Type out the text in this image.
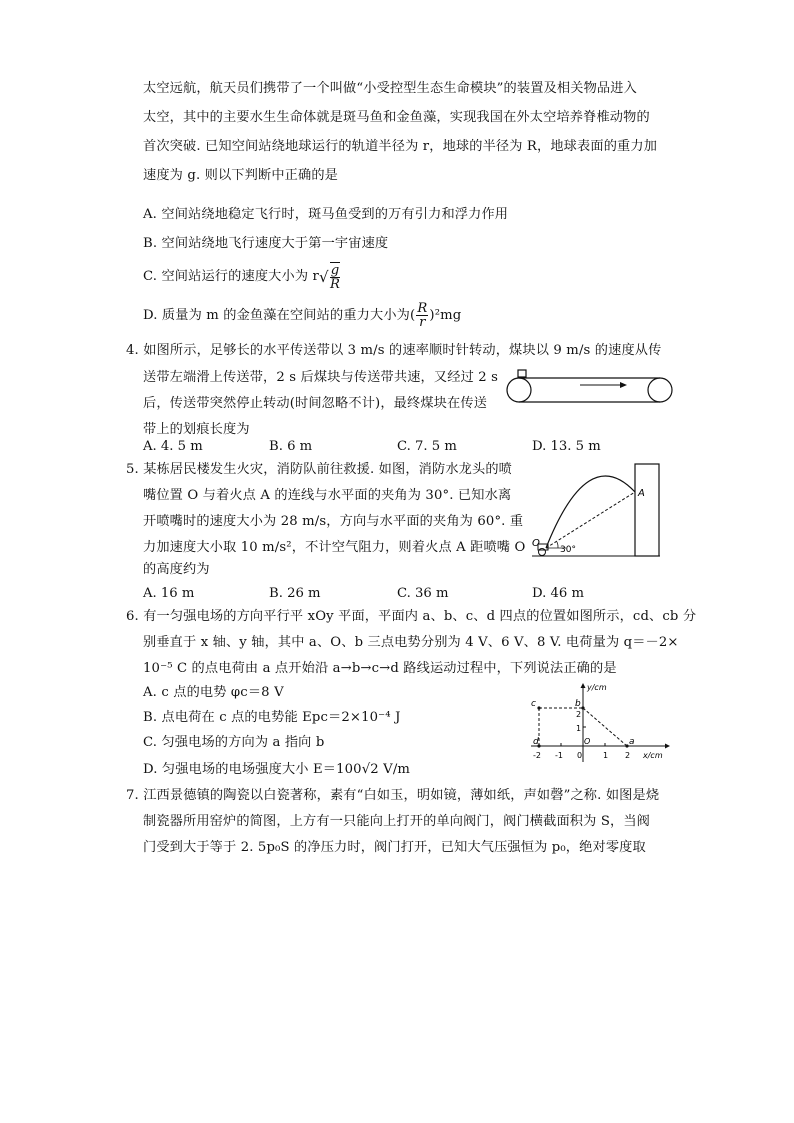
太空远航，航天员们携带了一个叫做“小受控型生态生命模块”的装置及相关物品进入
太空，其中的主要水生生命体就是斑马鱼和金鱼藻，实现我国在外太空培养脊椎动物的
首次突破. 已知空间站绕地球运行的轨道半径为 r，地球的半径为 R，地球表面的重力加
速度为 g. 则以下判断中正确的是
A. 空间站绕地稳定飞行时，斑马鱼受到的万有引力和浮力作用
B. 空间站绕地飞行速度大于第一宇宙速度
C. 空间站运行的速度大小为 $r√ \frac{g}{R}$
D. 质量为 m 的金鱼藻在空间站的重力大小为( $\frac{R}{r} )^2mg$
4. 如图所示，足够长的水平传送带以 3 m/s 的速率顺时针转动，煤块以 9 m/s 的速度从传
送带左端滑上传送带，2 s 后煤块与传送带共速，又经过 2 s
后，传送带突然停止转动(时间忽略不计)，最终煤块在传送
带上的划痕长度为
A. 4. 5 m	B. 6 m	C. 7. 5 m	D. 13. 5 m
5. 某栋居民楼发生火灾，消防队前往救援. 如图，消防水龙头的喷
嘴位置 O 与着火点 A 的连线与水平面的夹角为 30°. 已知水离
开喷嘴时的速度大小为 28 m/s，方向与水平面的夹角为 60°. 重
力加速度大小取 10 m/s²，不计空气阻力，则着火点 A 距喷嘴 O
的高度约为
A
O
30°
A. 16 m	B. 26 m	C. 36 m	D. 46 m
6. 有一匀强电场的方向平行平 xOy 平面，平面内 a、b、c、d 四点的位置如图所示，cd、cb 分
别垂直于 x 轴、y 轴，其中 a、O、b 三点电势分别为 4 V、6 V、8 V. 电荷量为 q＝－2×
10⁻⁵ C 的点电荷由 a 点开始沿 a→b→c→d 路线运动过程中，下列说法正确的是
A. c 点的电势 φc＝8 V
B. 点电荷在 c 点的电势能 Epc＝2×10⁻⁴ J
C. 匀强电场的方向为 a 指向 b
D. 匀强电场的电场强度大小 E＝100√2 V/m
y/cm
x/cm
c	b
d	a
O
2
1
-2 -1 0	1 2
7. 江西景德镇的陶瓷以白瓷著称，素有“白如玉，明如镜，薄如纸，声如磬”之称. 如图是烧
制瓷器所用窑炉的简图，上方有一只能向上打开的单向阀门，阀门横截面积为 S，当阀
门受到大于等于 2. 5p₀S 的净压力时，阀门打开，已知大气压强恒为 p₀，绝对零度取
